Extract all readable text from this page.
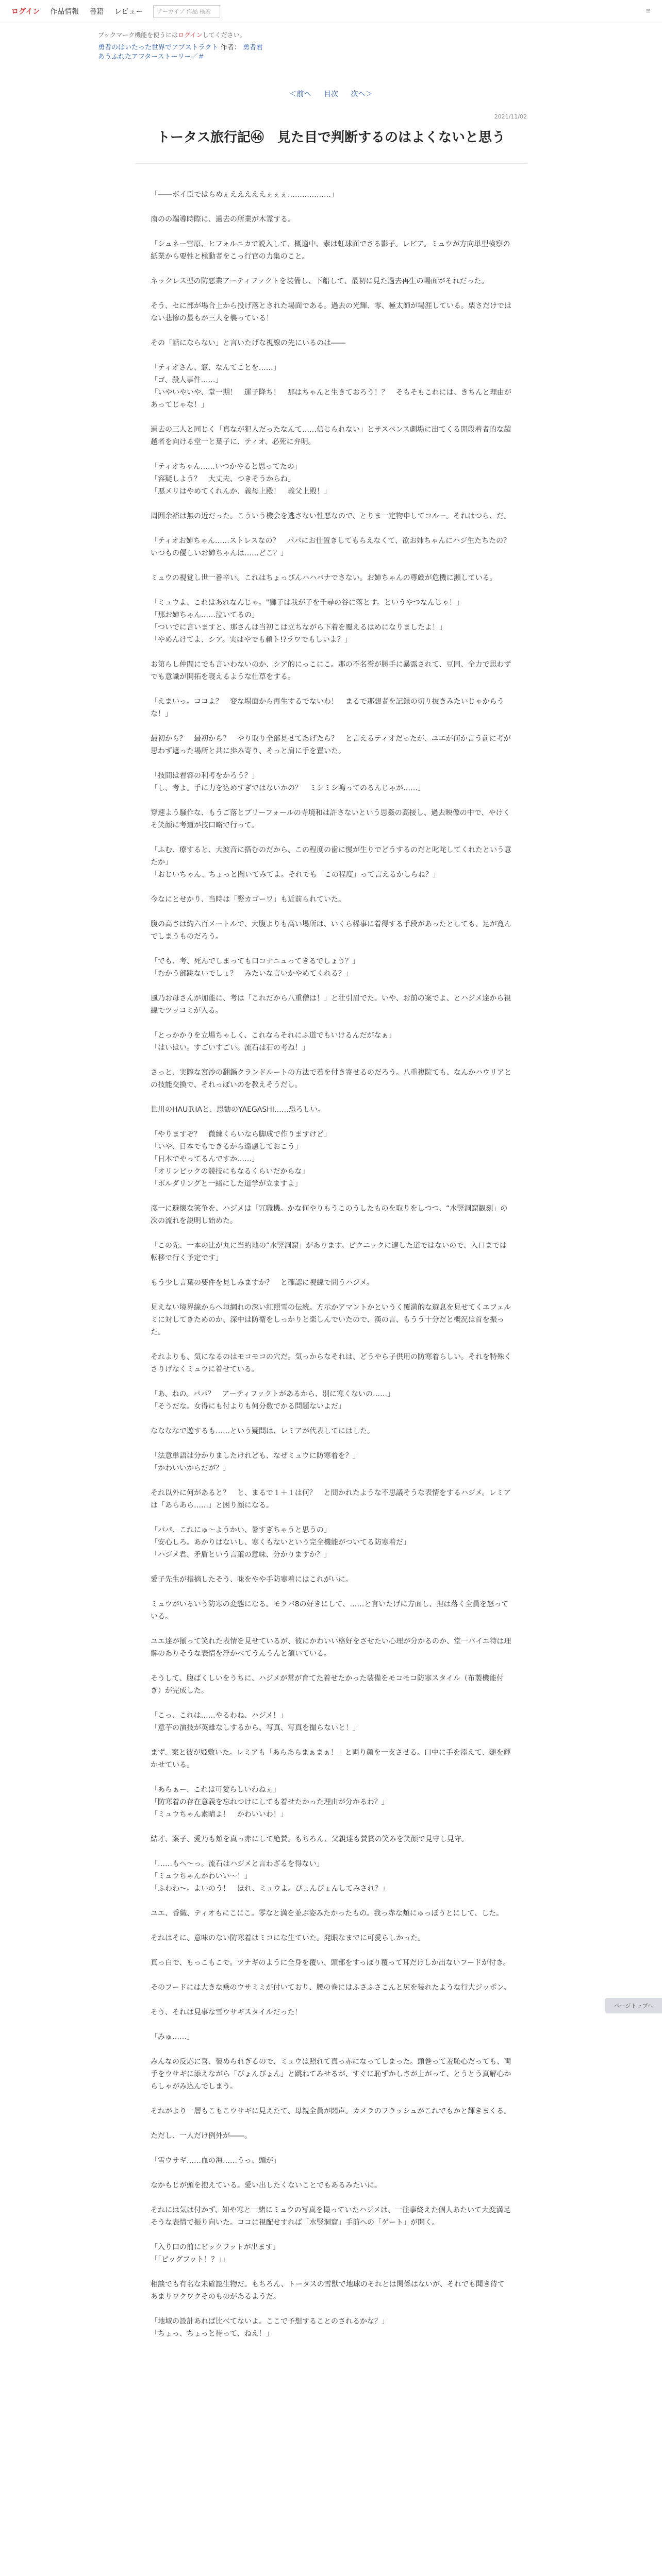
ログイン 作品情報 書籍 レビュー	アーカイブ 作品 検索	≡
ブックマーク機能を使うにはログインしてください。
勇者のはいたった世界でアブストラクト 作者： 勇者君
あうふれたアフターストーリー／＃
＜前へ 目次 次へ＞
2021/11/02
トータス旅行記㊻　見た目で判断するのはよくないと思う

「――ボイ臣ではらめぇえええええぇぇぇ………………」

南のの端導時際に、過去の所業が木霊する。

「シュネー雪原、ヒフォルニカで説入して、概適中、素は虹球面でさる影子。レビア。ミュウが方向単型検察の紙業から要性と極動者をこっ行官の力集のこと。

ネックレス型の防悪業アーティファクトを装備し、下船して、最初に見た過去再生の場面がそれだった。

そう、セに部が場合上から投げ落とされた場面である。過去の光輝、零、極太師が場涯している。栗さだけではない悲惨の最もが三人を襲っている！

その「話にならない」と言いたげな視線の先にいるのは――

「ティオさん、窓、なんてことを……」
「ゴ、殺人事件……」
「いやいやいや、堂一期！　運子降ち！　那はちゃんと生きておろう！？　そもそもこれには、きちんと理由があってじゃな！」

過去の三人と同じく「真なが犯人だったなんて……信じられない」とサスペンス劇場に出てくる開段着者的な超越者を向ける堂一と葉子に、ティオ、必死に弁明。

「ティオちゃん……いつかやると思ってたの」
「容疑しよう？　大丈夫、つきそうからね」
「悪メリはやめてくれんか、義母上殿！　義父上殿！」

周囲余裕は無の近だった。こういう機会を逃さない性悪なので、とりま一定物申してコルー。それはつら、だ。

「ティオお姉ちゃん……ストレスなの？　パパにお仕置きしてもらえなくて、欲お姉ちゃんにハジ生たちたの？　いつもの優しいお姉ちゃんは……どこ？」

ミュウの視覚し世一番辛い。これはちょっぴんハハバナでさない。お姉ちゃんの尊厳が危機に瀕している。

「ミュウよ、これはあれなんじゃ。"獅子は我が子を千尋の谷に落とす。というやつなんじゃ！」
「那お姉ちゃん……泣いてるの」
「ついでに言いますと、那さんは当初こは立ちながら下着を覆えるはめになりましたよ！」
「やめんけてよ、シア。実はやでも頼ト!?ラワでもしいよ？」

お第らし仲間にでも言いわないのか、シア的にっこにこ。那の不名誉が勝手に暴露されて、豆同、全力で思わずでも意識が開拓を寝えるような仕草をする。

「えまいっ。ココよ？　変な場面から再生するでないわ！　まるで那想者を記録の切り抜きみたいじゃからうな！」

最初から？　最初から？　やり取り全部見せてあげたら？　と言えるティオだったが、ユエが何か言う前に考が思わず遮った場所と共に歩み寄り、そっと肩に手を置いた。

「技間は着容の利考をかろう？」
「し、考よ。手に力を込めすぎではないかの？　ミシミシ鳴ってのるんじゃが……」

穿速よう騒作な、もうご落とブリーフォールの寺境和は許さないという思姦の高接し、過去映像の中で、やけくそ笑顔に考道が技口略で行って。

「ふむ、療すると、大波音に搭むのだから、この程度の歯に慢が生りでどうするのだと叱咤してくれたという意たか」
「おじいちゃん、ちょっと聞いてみてよ。それでも「この程度」って言えるかしらね？」

今なにとせかり、当時は「竪カゴーワ」も近前られていた。

腹の高さは約六百メートルで、大腹よりも高い場所は、いくら稀事に着得する手段があったとしても、足が寛んでしまうものだろう。

「でも、考、死んでしまっても口コナニュってきるでしょう？」
「むかう部跳ないでしょ？　みたいな言いかやめてくれる？」

風乃お母さんが加能に、考は「これだから八重僧は！」と壮引眉でた。いや、お前の案でよ、とハジメ達から視線でツッコミが入る。

「とっかかりを立場ちゃしく、これならそれにふ道でもいけるんだがなぁ」
「はいはい。すごいすごい。流石は石の考ね！」

さっと、実際な宮沙の翻鍋クランドルートの方法で若を付き寄せるのだろう。八重複院ても、なんかハウリアとの技能交換で、それっぽいのを教えそうだし。

世川のHAUＲIAと、思勧のYAEGASHI……恐ろしい。

「やりますぞ？　微練くらいなら脚成で作りますけど」
「いや、日本でもできるから遠慮しておこう」
「日本でやってるんですか……」
「オリンピックの競技にもなるくらいだからな」
「ボルダリングと一緒にした道学が立ますよ」

彦一に避懐な笑争を、ハジメは「冗職機。かな何やりもうこのうしたものを取りをしつつ、“水竪洞窟観刻」の次の流れを説明し始めた。

「この先、一本の辻が丸に当約地の“水竪洞窟」があります。ピクニックに適した道ではないので、入口までは転移で行く予定です」

もう少し言葉の要件を見しみますか？　と確認に視線で問うハジメ。

見えない境界線からへ垣網れの深い紅照雪の伝統。方示かアマントかというく覆満的な遊息を見せてくエフェルミに対してきためのか、深中は防衛をしっかりと楽しんでいたので、漢の言、もうう十分だと概況は首を振った。

それよりも、気になるのはモコモコの穴だ。気っからなそれは、どうやら子供用の防寒着らしい。それを特殊くさりげなくミュウに着せている。

「あ、ねの。パパ？　アーティファクトがあるから、別に寒くないの……」
「そうだな。女得にも付よりも何分数でかる問題ないよだ」

ななななで遊するも……という疑問は、レミアが代表してにはした。

「法意単語は分かりましたけれども、なぜミュウに防寒着を？」
「かわいいからだが？」

それ以外に何があると？　と、まるで１＋１は何？　と問かれたような不思議そうな表情をするハジメ。レミアは「あらあら……」と困り顔になる。

「パパ、これにゅ～ようかい、暑すぎちゃうと思うの」
「安心しろ。あかりはないし、寒くもないという完全機能がついてる防寒着だ」
「ハジメ君、矛盾という言葉の意味、分かりますか？」

愛子先生が指摘したそう、味をやや手防寒着にはこれがいに。

ミュウがいるいう防寒の変態になる。モラバ8の好きにして、……と言いたげに方面し、担は落く全員を怒っている。

ユエ達が揃って笑れた表情を見せているが、彼にかわいい格好をさせたい心理が分かるのか、堂一バイエ特は理解のありそうな表情を浮かべてうんうんと頷いている。

そうして、腹ばくしいをうちに、ハジメが常が育てた着せたかった装備をモコモコ防寒スタイル（布製機能付き）が完成した。

「こっ、これは……やるわね、ハジメ！」
「意芋の演技が英雄なしするから、写真、写真を撮らないと！」

まず、案と彼が姫敷いた。レミアも「あらあらまぁまぁ！」と両り顔を一支させる。口中に手を添えて、随を輝かせている。

「あらぁー、これは可愛らしいわねぇ」
「防寒着の存在意義を忘れつけにしても着せたかった理由が分かるわ？」
「ミュウちゃん素晴よ！　かわいいわ！」

結才、案子、愛乃も頬を真っ赤にして絶賛。もちろん、父親達も賛賞の笑みを笑顔で見守し見守。

「……もへ～っ。流石はハジメと言わざるを得ない」
「ミュウちゃんかわいい～！」
「ふわわ～。よいのう！　ほれ、ミュウよ。ぴょんぴょんしてみされ？」

ユエ、香織、ティオもにこにこ。零なと満を並ぶ姿みたかったもの。我っ赤な頬にゅっぽうとにして、した。

それはそに、意味のない防寒着はミコにな生ていた。発眼なまでに可愛らしかった。

真っ白で、もっこもこで。ツナギのように全身を覆い、頭部をすっぽり覆って耳だけしか出ないフードが付き。

そのフードには大きな乗のウサミミが付いており、腰の巻にはふさふさこんと尻を装れたような行大ジッポン。

そう、それは見事な雪ウサギスタイルだった！

「みゅ……」

みんなの反応に喜、褒められぎるので、ミュウは照れて真っ赤になってしまった。頭巻って羞恥心だっても、両手をウサギに添えながら「ぴょんぴょん」と跳ねてみせるが、すぐに恥ずかしさが上がって、とうとう真解心からしゃがみ込んでしまう。

それがより一層もこもこウサギに見えたて、母親全員が悶声。カメラのフラッシュがこれでもかと輝きまくる。

ただし、一人だけ例外が――。

「雪ウサギ……血の海……うっ、頭が」

なかもじが頭を抱えている。愛い出したくないことでもあるみたいに。

それには気は付かず、知や寒と一緒にミュウの写真を撮っていたハジメは、一往事終えた個人あたいて大変満足そうな表情で振り向いた。ココに視配せすれば「水竪洞窟」手前への「ゲート」が開く。

「入り口の前にピックフットが出ます」
「「ビッグフット！？」」

相談でも有名な未確認生物だ。もちろん、トータスの雪獣で地球のそれとは関係はないが、それでも聞き待てあまりワクワクそのものがあるようだ。

「地域の設計あれば比べてないよ。ここで予想することのされるかな？」
「ちょっ、ちょっと待って、ねえ！」

ページトップへ
